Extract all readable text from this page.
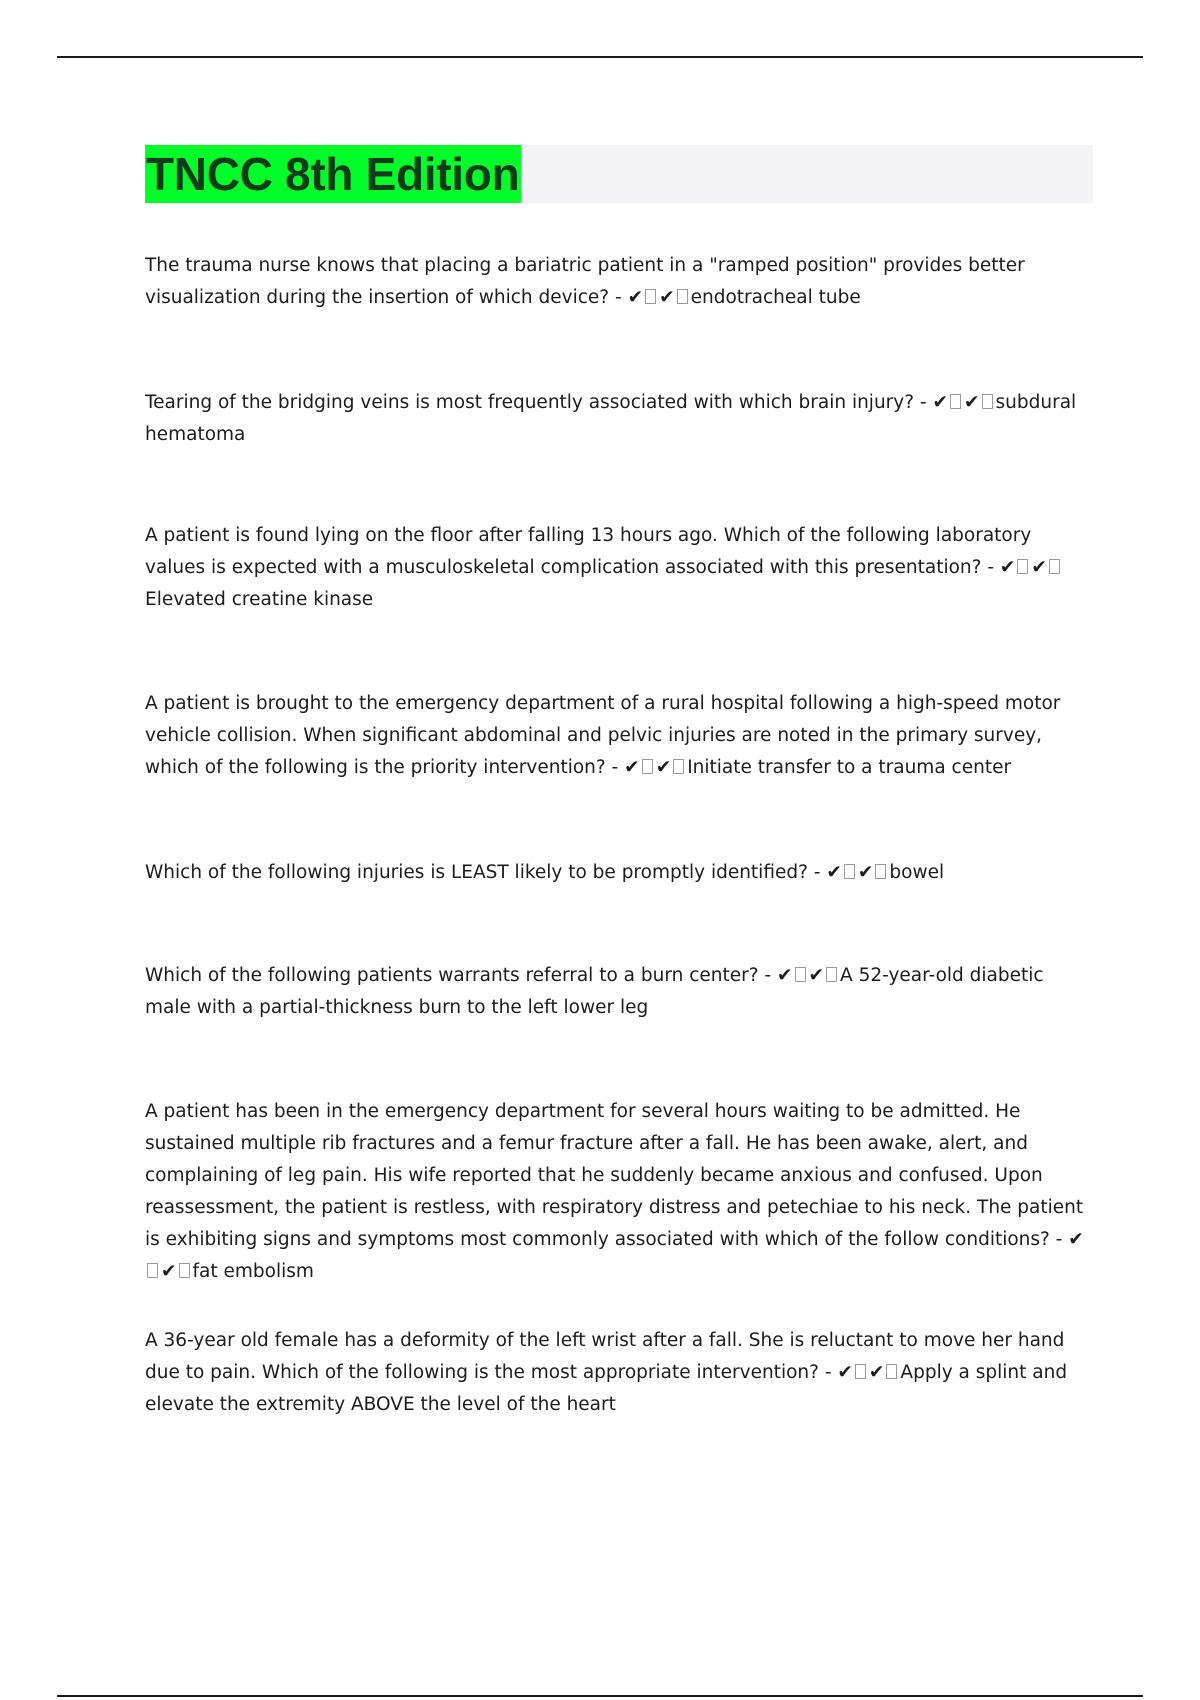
TNCC 8th Edition

The trauma nurse knows that placing a bariatric patient in a "ramped position" provides better visualization during the insertion of which device? - ✔ ✔ endotracheal tube

Tearing of the bridging veins is most frequently associated with which brain injury? - ✔ ✔ subdural hematoma

A patient is found lying on the floor after falling 13 hours ago. Which of the following laboratory values is expected with a musculoskeletal complication associated with this presentation? - ✔ ✔Elevated creatine kinase

A patient is brought to the emergency department of a rural hospital following a high-speed motor vehicle collision. When significant abdominal and pelvic injuries are noted in the primary survey, which of the following is the priority intervention? - ✔ ✔ Initiate transfer to a trauma center

Which of the following injuries is LEAST likely to be promptly identified? - ✔ ✔ bowel

Which of the following patients warrants referral to a burn center? - ✔ ✔ A 52-year-old diabetic male with a partial-thickness burn to the left lower leg

A patient has been in the emergency department for several hours waiting to be admitted. He sustained multiple rib fractures and a femur fracture after a fall. He has been awake, alert, and complaining of leg pain. His wife reported that he suddenly became anxious and confused. Upon reassessment, the patient is restless, with respiratory distress and petechiae to his neck. The patient is exhibiting signs and symptoms most commonly associated with which of the follow conditions? - ✔✔ fat embolism

A 36-year old female has a deformity of the left wrist after a fall. She is reluctant to move her hand due to pain. Which of the following is the most appropriate intervention? - ✔ ✔ Apply a splint and elevate the extremity ABOVE the level of the heart
